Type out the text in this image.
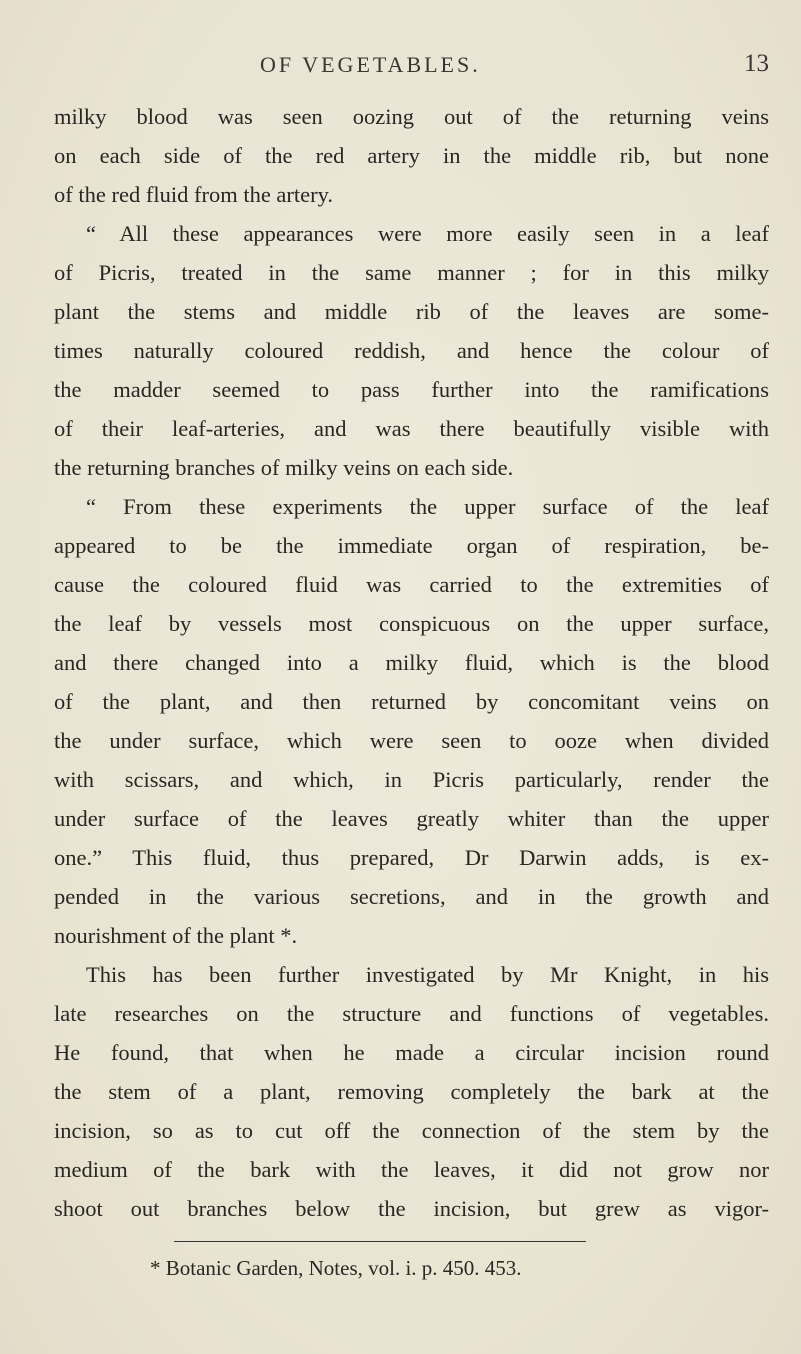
OF VEGETABLES.	13
milky blood was seen oozing out of the returning veins
on each side of the red artery in the middle rib, but none
of the red fluid from the artery.
“ All these appearances were more easily seen in a leaf
of Picris, treated in the same manner ; for in this milky
plant the stems and middle rib of the leaves are some-
times naturally coloured reddish, and hence the colour of
the madder seemed to pass further into the ramifications
of their leaf-arteries, and was there beautifully visible with
the returning branches of milky veins on each side.
“ From these experiments the upper surface of the leaf
appeared to be the immediate organ of respiration, be-
cause the coloured fluid was carried to the extremities of
the leaf by vessels most conspicuous on the upper surface,
and there changed into a milky fluid, which is the blood
of the plant, and then returned by concomitant veins on
the under surface, which were seen to ooze when divided
with scissars, and which, in Picris particularly, render the
under surface of the leaves greatly whiter than the upper
one.” This fluid, thus prepared, Dr Darwin adds, is ex-
pended in the various secretions, and in the growth and
nourishment of the plant *.
This has been further investigated by Mr Knight, in his
late researches on the structure and functions of vegetables.
He found, that when he made a circular incision round
the stem of a plant, removing completely the bark at the
incision, so as to cut off the connection of the stem by the
medium of the bark with the leaves, it did not grow nor
shoot out branches below the incision, but grew as vigor-
* Botanic Garden, Notes, vol. i. p. 450. 453.
